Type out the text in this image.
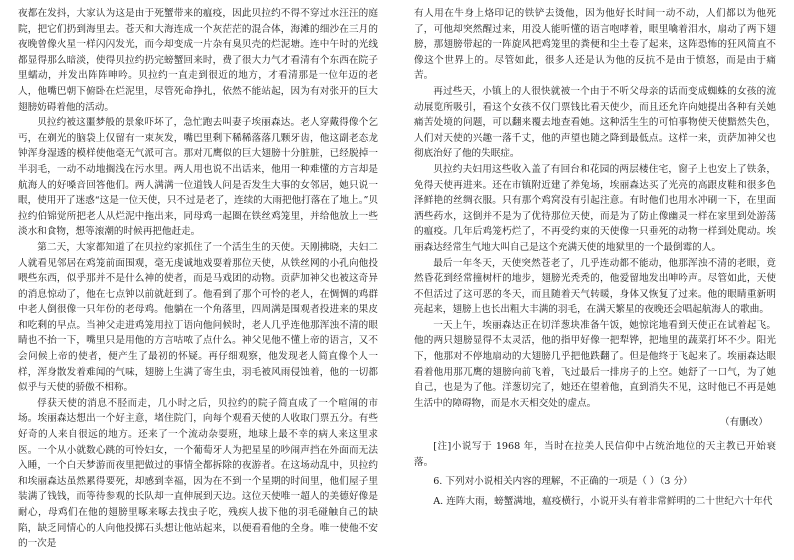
夜都在发抖，大家认为这是由于死蟹带来的瘟疫，因此贝拉约不得不穿过水汪汪的庭院，把它们扔到海里去。苍天和大海连成一个灰茫茫的混合体，海滩的细沙在三月的夜晚曾像火星一样闪闪发光，而今却变成一片杂有臭贝壳的烂泥塘。连中午时的光线都显得那么暗淡，使得贝拉约扔完螃蟹回来时，费了很大力气才看清有个东西在院子里蠕动，并发出阵阵呻吟。贝拉约一直走到很近的地方，才看清那是一位年迈的老人，他嘴巴朝下俯卧在烂泥里，尽管死命挣扎，依然不能站起，因为有对张开的巨大翅膀妨碍着他的活动。

贝拉约被这噩梦般的景象吓坏了，急忙跑去叫妻子埃丽森达。老人穿戴得像个乞丐，在剃光的脑袋上仅留有一束灰发，嘴巴里剩下稀稀落落几颗牙齿，他这副老态龙钟浑身湿透的模样使他毫无气派可言。那对兀鹰似的巨大翅膀十分脏脏，已经脱掉一半羽毛，一动不动地搁浅在污水里。两人用也说不出话来，他用一种难懂的方言却是航海人的好嗓音回答他们。两人满满一位道钱人问是否发生大事的女邻居，她只说一眼，使用开了迷惑“这是一位天使，只不过是老了，连续的大雨把他打落在了地上。”贝拉约伯锦觉所把老人从烂泥中拖出来，同母鸡一起圈在铁丝鸡笼里，并给他放上一些淡水和食物，想等滚潮的时候再把他赶走。

第二天，大家都知道了在贝拉约家抓住了一个活生生的天使。天刚拂晓，夫妇二人就看见邻居在鸡笼前面围观，毫无虔诚地戏耍着那位天使，从铁丝网的小孔向他投喂些东西，似乎那并不是什么神的使者，而是马戏团的动物。贡萨加神父也被这奇异的消息惊动了，他在七点钟以前就赶到了。他看到了那个可怜的老人，在惆惆的鸡群中老人倒很像一只年份的老母鸡。他躺在一个角落里，四周满是围观者投进来的果皮和吃剩的早点。当神父走进鸡笼用拉丁语向他问候时，老人几乎连他那浑浊不清的眼睛也不抬一下，嘴里只是用他的方言咕哝了点什么。神父见他不懂上帝的语言，又不会问候上帝的使者，便产生了最初的怀疑。再仔细观察，他发现老人简直像个人一样，浑身散发着难闻的气味，翅膀上生满了寄生虫，羽毛被风雨侵蚀着，他的一切都似乎与天使的骄傲不相称。

俘获天使的消息不胫而走，几小时之后，贝拉约的院子简直成了一个喧闹的市场。埃丽森达想出一个好主意，堵住院门，向每个观看天使的人收取门票五分。有些好奇的人来自很远的地方。还来了一个流动杂耍班，地球上最不幸的病人来这里求医。一个从小就数心跳的可怜妇女，一个葡萄牙人为把星星的吵闹声挡在外面而无法入睡，一个白天梦游而夜里把做过的事情全都拆除的夜游者。在这场动乱中，贝拉约和埃丽森达虽然累得要死，却感到幸福，因为在不到一个星期的时间里，他们屋子里装满了钱钱，而等待参观的长队却一直伸展到天边。这位天使唯一超人的美德好像是耐心，母鸡们在他的翅膀里啄来啄去找虫子吃，残疾人拔下他的羽毛碰触自己的缺陷，缺乏同情心的人向他投掷石头想让他站起来，以便看看他的全身。唯一使他不安的一次是

有人用在牛身上烙印记的铁铲去烫他，因为他好长时间一动不动，人们都以为他死了，可他却突然醒过来，用没人能听懂的语言咆哮着，眼里噙着泪水，扇动了两下翅膀，那翅膀带起的一阵旋风把鸡笼里的粪便和尘土卷了起来，这阵恐怖的狂风简直不像这个世界上的。尽管如此，很多人还是认为他的反抗不是由于愤怒，而是由于痛苦。

再过些天，小镇上的人很快就被一个由于不听父母亲的话而变成蜘蛛的女孩的流动展览所吸引，看这个女孩不仅门票钱比看天使少，而且还允许向她提出各种有关她痛苦处境的问题，可以翻来覆去地查看她。这种活生生的可怕事物使天使黯然失色，人们对天使的兴趣一落千丈，他的声望也随之降到最低点。这样一来，贡萨加神父也彻底治好了他的失眠症。

贝拉约夫妇用这些收入盖了有回台和花园的两层楼住宅，窗子上也安上了铁条，免得天使再进来。还在市镇附近建了养兔场，埃丽森达买了光亮的高跟皮鞋和很多色泽鲜艳的丝绸衣服。只有那个鸡窝没有引起注意。有时他们也用水冲刷一下，在里面洒些药水，这倒并不是为了优待那位天使，而是为了防止像幽灵一样在家里到处游荡的瘟疫。几年后鸡笼朽烂了，不再受约束的天使像一只垂死的动物一样到处爬动。埃丽森达经常生气地大叫自己是这个充满天使的地狱里的一个最倒霉的人。

最后一年冬天，天使突然苍老了，几乎连动都不能动，他那浑浊不清的老眼，竟然昏花到经常撞树杆的地步，翅膀光秃秃的，他爱留地发出呻吟声。尽管如此，天使不但活过了这可恶的冬天，而且随着天气转暖，身体又恢复了过来。他的眼睛重新明亮起来，翅膀上也长出粗大丰满的羽毛，在满天繁星的夜晚还会唱起航海人的歌曲。

一天上午，埃丽森达正在切洋葱块准备午饭，她惊诧地看到天使正在试着起飞。他的两只翅膀显得不太灵活，他的指甲好像一把犁铧，把地里的蔬菜打坏不少。阳光下，他那对不停地扇动的大翅膀几乎把他跌翻了。但是他终于飞起来了。埃丽森达眼看着他用那兀鹰的翅膀向前飞着，飞过最后一排房子的上空。她舒了一口气，为了她自己，也是为了他。洋葱切完了，她还在望着他，直到消失不见，这时他已不再是她生活中的障碍物，而是水天相交处的虚点。

（有删改）

[注]小说写于 1968 年，当时在拉美人民信仰中占统治地位的天主教已开始衰落。

6. 下列对小说相关内容的理解，不正确的一项是（ ）（3 分）

A. 连阵大雨，螃蟹满地，瘟疫横行，小说开头有着非常鲜明的二十世纪六十年代
